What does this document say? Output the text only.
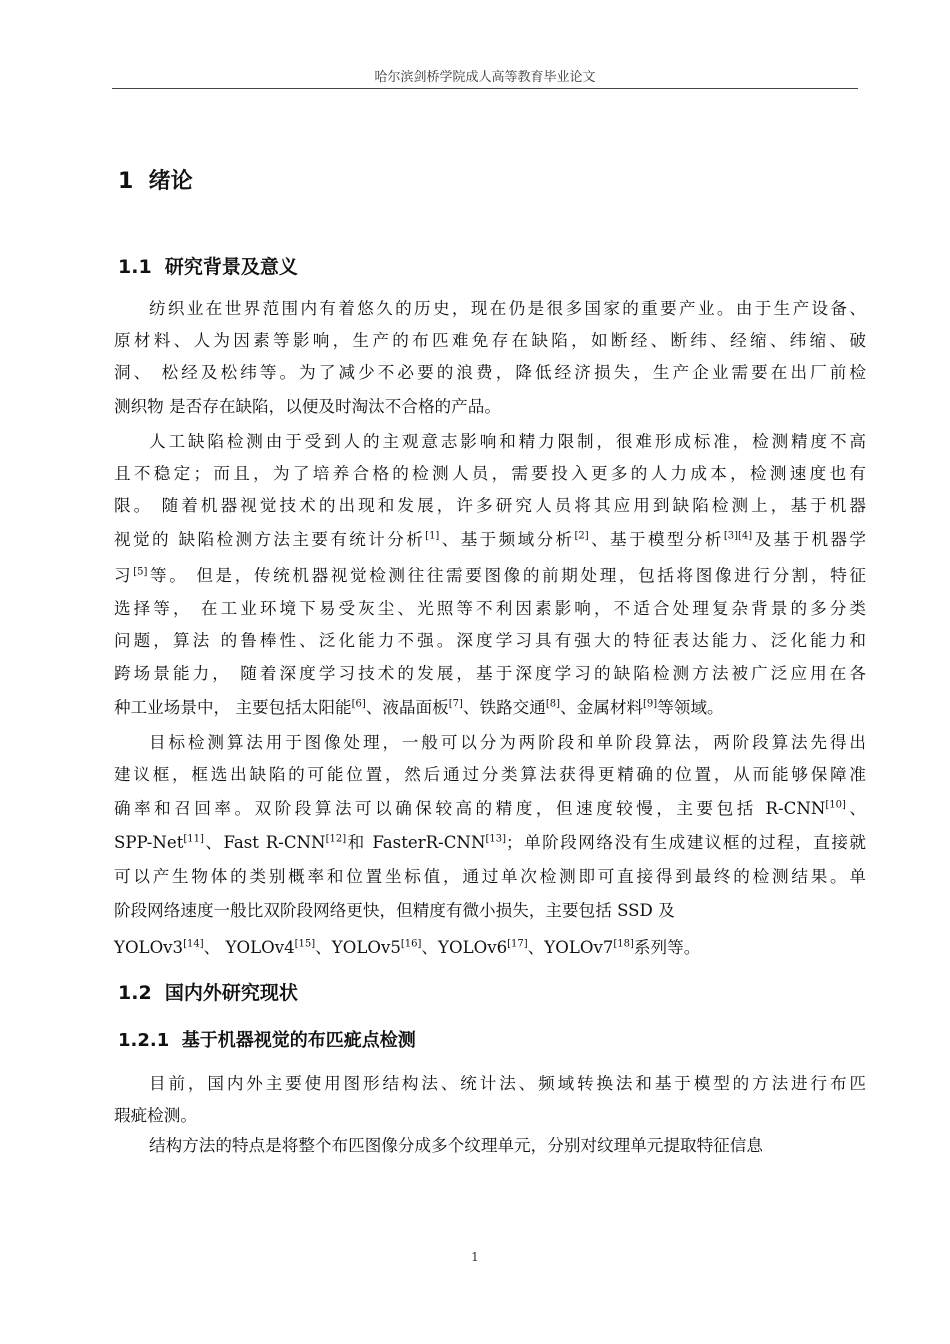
哈尔滨剑桥学院成人高等教育毕业论文
1 绪论
1.1 研究背景及意义
纺织业在世界范围内有着悠久的历史，现在仍是很多国家的重要产业。由于生产设备、
原材料、人为因素等影响，生产的布匹难免存在缺陷，如断经、断纬、经缩、纬缩、破
洞、 松经及松纬等。为了减少不必要的浪费，降低经济损失，生产企业需要在出厂前检
测织物 是否存在缺陷，以便及时淘汰不合格的产品。
人工缺陷检测由于受到人的主观意志影响和精力限制，很难形成标准，检测精度不高
且不稳定；而且，为了培养合格的检测人员，需要投入更多的人力成本，检测速度也有
限。 随着机器视觉技术的出现和发展，许多研究人员将其应用到缺陷检测上，基于机器
视觉的 缺陷检测方法主要有统计分析[1]、基于频域分析[2]、基于模型分析[3][4]及基于机器学
习[5]等。 但是，传统机器视觉检测往往需要图像的前期处理，包括将图像进行分割，特征
选择等， 在工业环境下易受灰尘、光照等不利因素影响，不适合处理复杂背景的多分类
问题，算法 的鲁棒性、泛化能力不强。深度学习具有强大的特征表达能力、泛化能力和
跨场景能力， 随着深度学习技术的发展，基于深度学习的缺陷检测方法被广泛应用在各
种工业场景中， 主要包括太阳能[6]、液晶面板[7]、铁路交通[8]、金属材料[9]等领域。
目标检测算法用于图像处理，一般可以分为两阶段和单阶段算法，两阶段算法先得出
建议框，框选出缺陷的可能位置，然后通过分类算法获得更精确的位置，从而能够保障准
确率和召回率。双阶段算法可以确保较高的精度，但速度较慢，主要包括 R-CNN[10]、
SPP-Net[11]、Fast R-CNN[12]和 FasterR-CNN[13]；单阶段网络没有生成建议框的过程，直接就
可以产生物体的类别概率和位置坐标值，通过单次检测即可直接得到最终的检测结果。单
阶段网络速度一般比双阶段网络更快，但精度有微小损失，主要包括 SSD 及
YOLOv3[14]、 YOLOv4[15]、YOLOv5[16]、YOLOv6[17]、YOLOv7[18]系列等。
1.2 国内外研究现状
1.2.1 基于机器视觉的布匹疵点检测
目前，国内外主要使用图形结构法、统计法、频域转换法和基于模型的方法进行布匹
瑕疵检测。
结构方法的特点是将整个布匹图像分成多个纹理单元，分别对纹理单元提取特征信息
1
